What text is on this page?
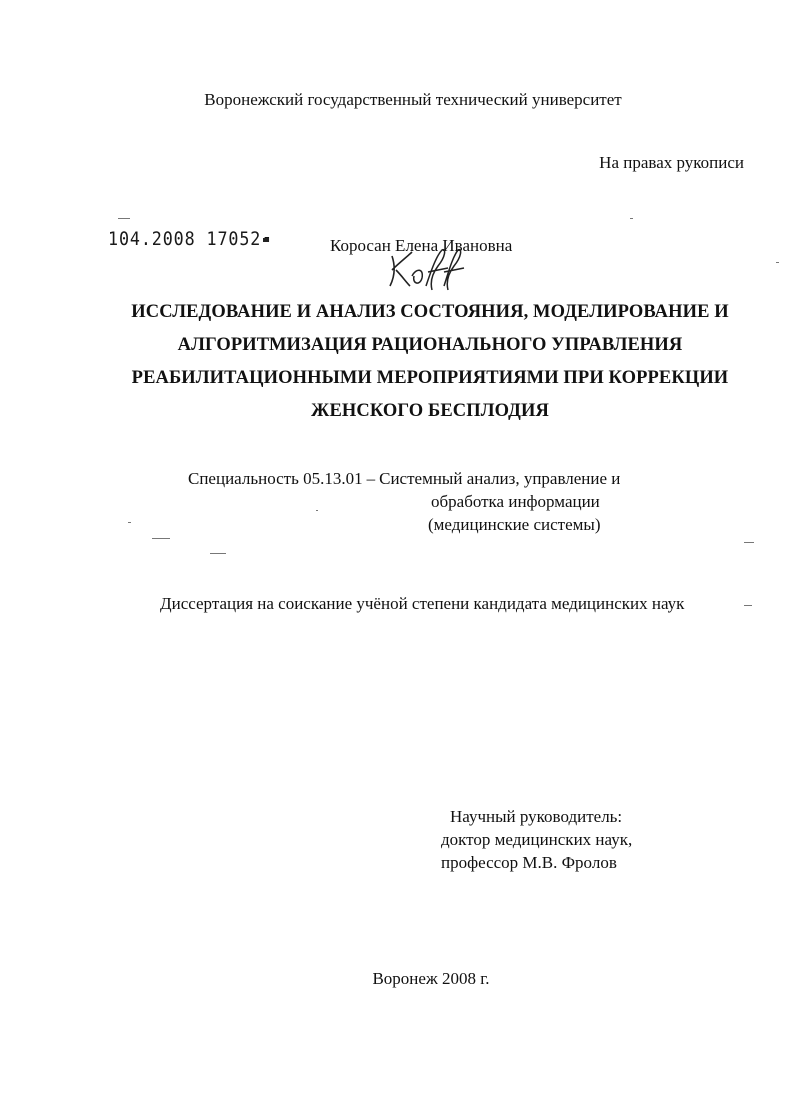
Воронежский государственный технический университет
На правах рукописи
104.2008 17052	Коросан Елена Ивановна
ИССЛЕДОВАНИЕ И АНАЛИЗ СОСТОЯНИЯ, МОДЕЛИРОВАНИЕ И
АЛГОРИТМИЗАЦИЯ РАЦИОНАЛЬНОГО УПРАВЛЕНИЯ
РЕАБИЛИТАЦИОННЫМИ МЕРОПРИЯТИЯМИ ПРИ КОРРЕКЦИИ
ЖЕНСКОГО БЕСПЛОДИЯ
Специальность 05.13.01 – Системный анализ, управление и
обработка информации
(медицинские системы)
Диссертация на соискание учёной степени кандидата медицинских наук
Научный руководитель:
доктор медицинских наук,
профессор М.В. Фролов
Воронеж 2008 г.
